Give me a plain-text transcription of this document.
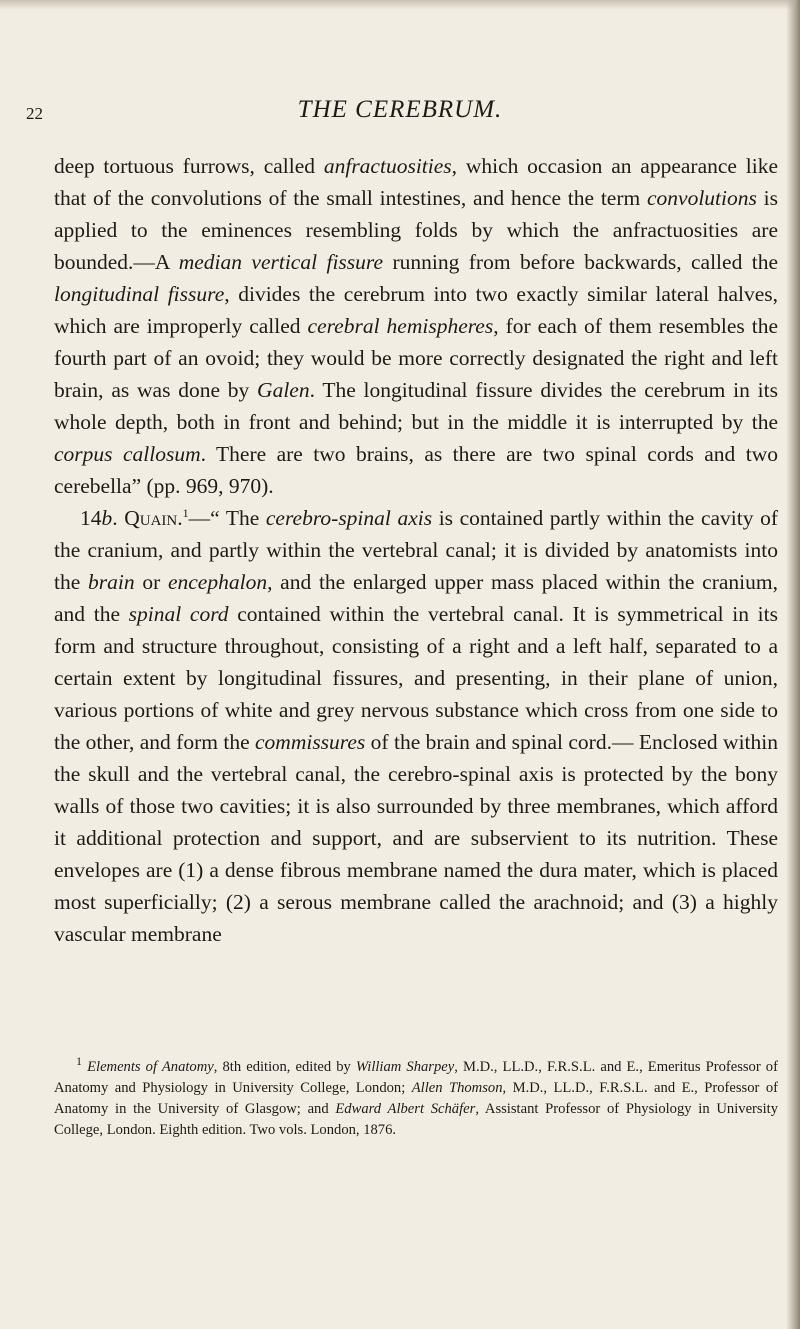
22	THE CEREBRUM.

deep tortuous furrows, called anfractuosities, which occasion an appearance like that of the convolutions of the small intestines, and hence the term convolutions is applied to the eminences resembling folds by which the anfractuosities are bounded.—A median vertical fissure running from before backwards, called the longitudinal fissure, divides the cerebrum into two exactly similar lateral halves, which are improperly called cerebral hemispheres, for each of them resembles the fourth part of an ovoid; they would be more correctly designated the right and left brain, as was done by Galen. The longitudinal fissure divides the cerebrum in its whole depth, both in front and behind; but in the middle it is interrupted by the corpus callosum. There are two brains, as there are two spinal cords and two cerebella” (pp. 969, 970).

14b. Quain.$^1$—“ The cerebro-spinal axis is contained partly within the cavity of the cranium, and partly within the vertebral canal; it is divided by anatomists into the brain or encephalon, and the enlarged upper mass placed within the cranium, and the spinal cord contained within the vertebral canal. It is symmetrical in its form and structure throughout, consisting of a right and a left half, separated to a certain extent by longitudinal fissures, and presenting, in their plane of union, various portions of white and grey nervous substance which cross from one side to the other, and form the commissures of the brain and spinal cord.— Enclosed within the skull and the vertebral canal, the cerebro-spinal axis is protected by the bony walls of those two cavities; it is also surrounded by three membranes, which afford it additional protection and support, and are subservient to its nutrition. These envelopes are (1) a dense fibrous membrane named the dura mater, which is placed most superficially; (2) a serous membrane called the arachnoid; and (3) a highly vascular membrane

$^1$ Elements of Anatomy, 8th edition, edited by William Sharpey, M.D., LL.D., F.R.S.L. and E., Emeritus Professor of Anatomy and Physiology in University College, London; Allen Thomson, M.D., LL.D., F.R.S.L. and E., Professor of Anatomy in the University of Glasgow; and Edward Albert Schäfer, Assistant Professor of Physiology in University College, London. Eighth edition. Two vols. London, 1876.
